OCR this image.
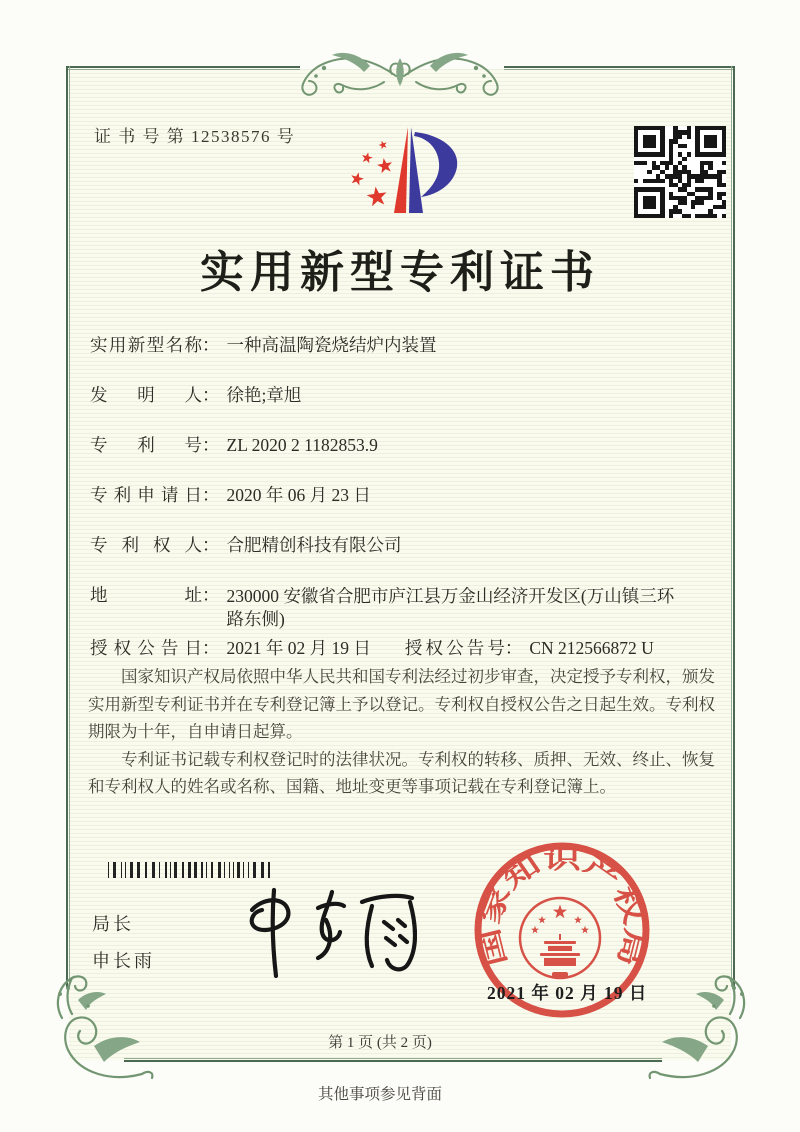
证 书 号 第 12538576 号
实用新型专利证书
实用新型名称 ： 一种高温陶瓷烧结炉内装置
发明人 ： 徐艳;章旭
专利号 ： ZL 2020 2 1182853.9
专利申请日 ： 2020 年 06 月 23 日
专利权人 ： 合肥精创科技有限公司
地址 ： 230000 安徽省合肥市庐江县万金山经济开发区(万山镇三环路东侧)
授权公告日 ： 2021 年 02 月 19 日 授权公告号 ： CN 212566872 U

国家知识产权局依照中华人民共和国专利法经过初步审查，决定授予专利权，颁发实用新型专利证书并在专利登记簿上予以登记。专利权自授权公告之日起生效。专利权期限为十年，自申请日起算。

专利证书记载专利权登记时的法律状况。专利权的转移、质押、无效、终止、恢复和专利权人的姓名或名称、国籍、地址变更等事项记载在专利登记簿上。

局长
申长雨	国家知识产权局
2021 年 02 月 19 日
第 1 页 (共 2 页)
其他事项参见背面
